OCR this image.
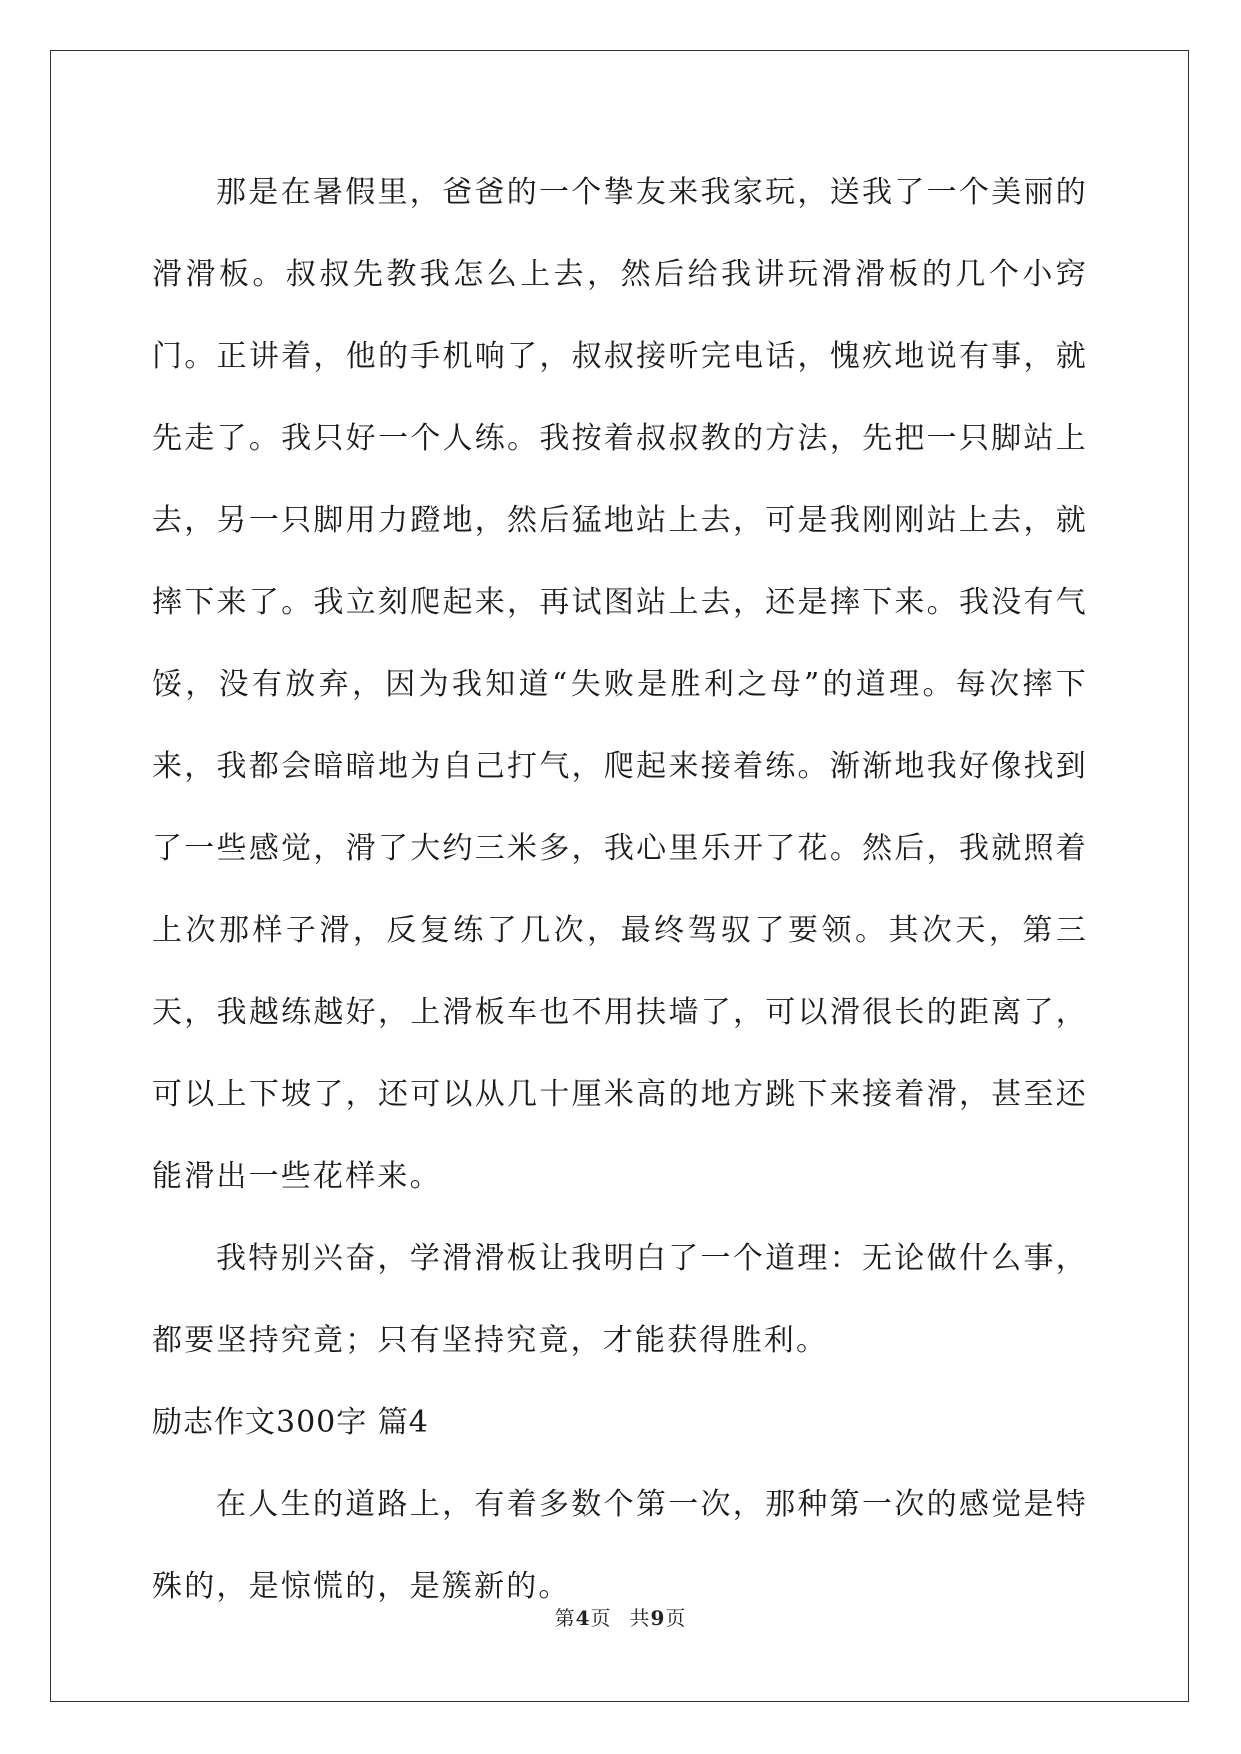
那是在暑假里，爸爸的一个挚友来我家玩，送我了一个美丽的滑滑板。叔叔先教我怎么上去，然后给我讲玩滑滑板的几个小窍门。正讲着，他的手机响了，叔叔接听完电话，愧疚地说有事，就先走了。我只好一个人练。我按着叔叔教的方法，先把一只脚站上去，另一只脚用力蹬地，然后猛地站上去，可是我刚刚站上去，就摔下来了。我立刻爬起来，再试图站上去，还是摔下来。我没有气馁，没有放弃，因为我知道“失败是胜利之母”的道理。每次摔下来，我都会暗暗地为自己打气，爬起来接着练。渐渐地我好像找到了一些感觉，滑了大约三米多，我心里乐开了花。然后，我就照着上次那样子滑，反复练了几次，最终驾驭了要领。其次天，第三天，我越练越好，上滑板车也不用扶墙了，可以滑很长的距离了，可以上下坡了，还可以从几十厘米高的地方跳下来接着滑，甚至还能滑出一些花样来。

我特别兴奋，学滑滑板让我明白了一个道理：无论做什么事，都要坚持究竟；只有坚持究竟，才能获得胜利。

励志作文300字 篇4

在人生的道路上，有着多数个第一次，那种第一次的感觉是特殊的，是惊慌的，是簇新的。

第4页 共9页
